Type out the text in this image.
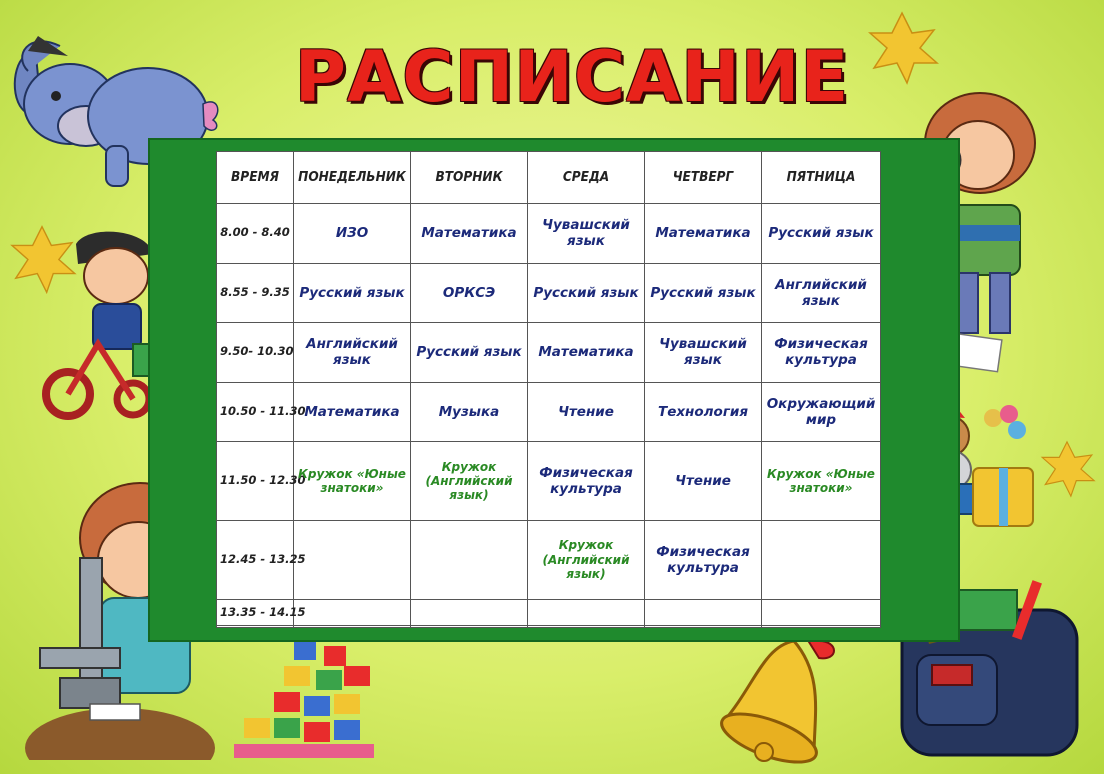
РАСПИСАНИЕ
ВРЕМЯ	ПОНЕДЕЛЬНИК	ВТОРНИК	СРЕДА	ЧЕТВЕРГ	ПЯТНИЦА
8.00 - 8.40	ИЗО	Математика	Чувашский язык	Математика	Русский язык
8.55 - 9.35	Русский язык	ОРКСЭ	Русский язык	Русский язык	Английский язык
9.50- 10.30	Английский язык	Русский язык	Математика	Чувашский язык	Физическая культура
10.50 - 11.30	Математика	Музыка	Чтение	Технология	Окружающий мир
11.50 - 12.30	Кружок «Юные знатоки»	Кружок (Английский язык)	Физическая культура	Чтение	Кружок «Юные знатоки»
12.45 - 13.25			Кружок (Английский язык)	Физическая культура	
13.35 - 14.15					
